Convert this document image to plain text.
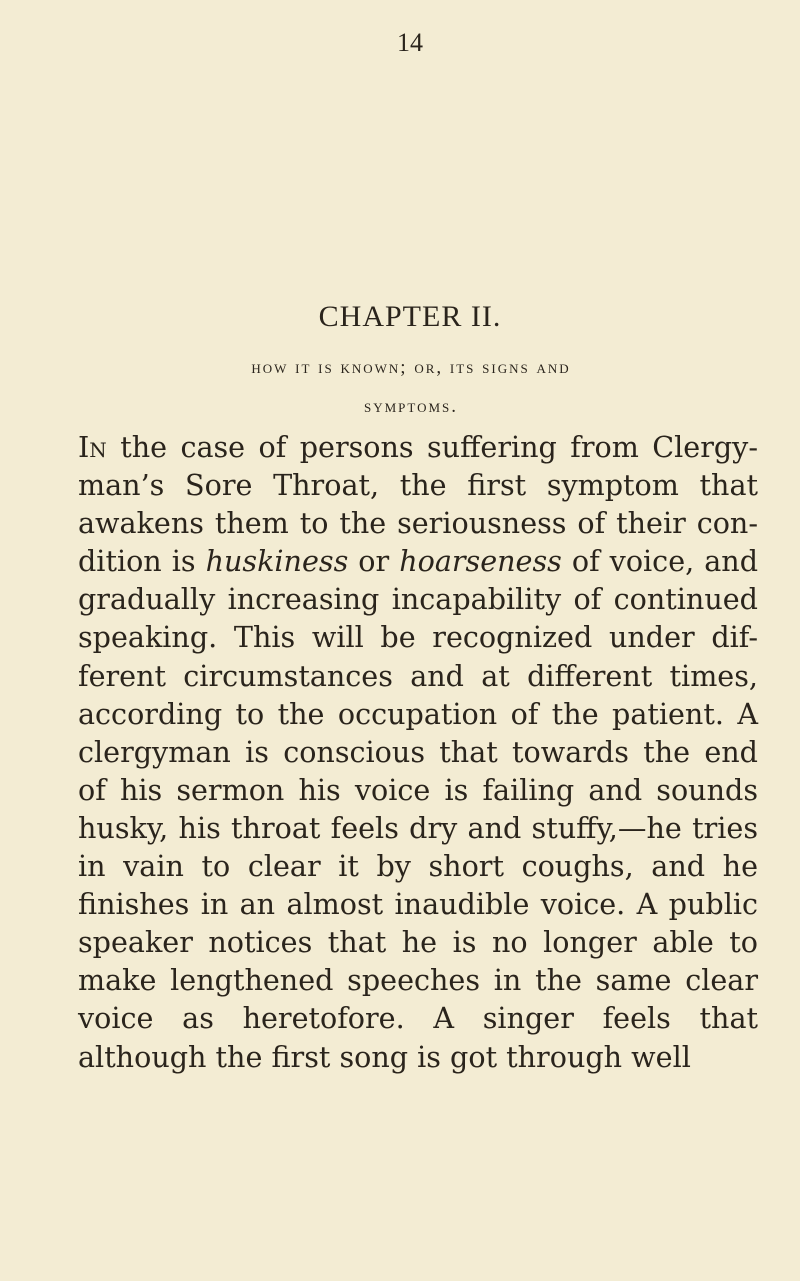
14
CHAPTER II.
how it is known; or, its signs and
symptoms.
In the case of persons suffering from Clergy-
man’s Sore Throat, the first symptom that
awakens them to the seriousness of their con-
dition is huskiness or hoarseness of voice, and
gradually increasing incapability of continued
speaking. This will be recognized under dif-
ferent circumstances and at different times,
according to the occupation of the patient. A
clergyman is conscious that towards the end
of his sermon his voice is failing and sounds
husky, his throat feels dry and stuffy,—he tries
in vain to clear it by short coughs, and he
finishes in an almost inaudible voice. A public
speaker notices that he is no longer able to
make lengthened speeches in the same clear
voice as heretofore. A singer feels that
although the first song is got through well
